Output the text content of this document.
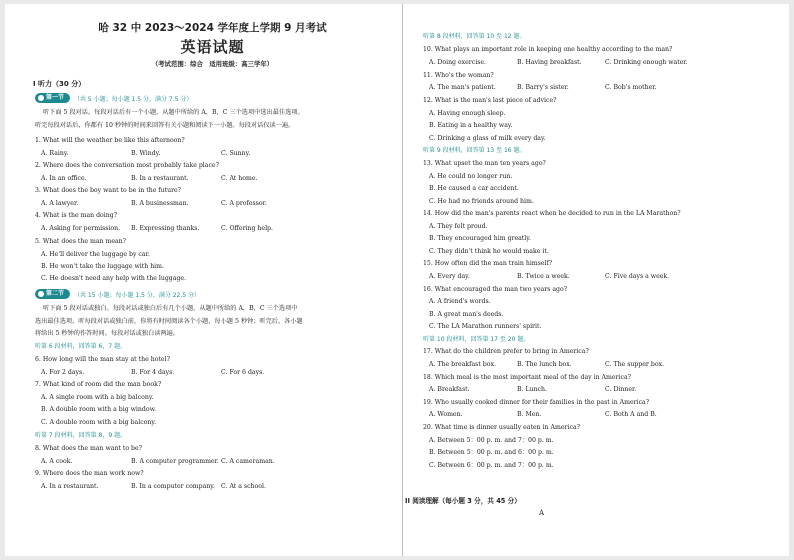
哈 32 中 2023～2024 学年度上学期 9 月考试
英语试题
（考试范围：综合　适用班级：高三学年）
I 听力（30 分）
第一节 （共 5 小题；每小题 1.5 分，满分 7.5 分）
听下面 5 段对话。每段对话后有一个小题，从题中所给的 A，B，C 三个选项中选出最佳选项。
听完每段对话后，你都有 10 秒钟的时间来回答有关小题和阅读下一小题。每段对话仅读一遍。
1. What will the weather be like this afternoon?
A. Rainy.	B. Windy.	C. Sunny.
2. Where does the conversation most probably take place?
A. In an office.	B. In a restaurant.	C. At home.
3. What does the boy want to be in the future?
A. A lawyer.	B. A businessman.	C. A professor.
4. What is the man doing?
A. Asking for permission. B. Expressing thanks.	C. Offering help.
5. What does the man mean?
A. He'll deliver the luggage by car.
B. He won't take the luggage with him.
C. He doesn't need any help with the luggage.
第二节 （共 15 小题；每小题 1.5 分，满分 22.5 分）
听下面 5 段对话或独白。每段对话或独白后有几个小题，从题中所给的 A，B，C 三个选项中
选出最佳选项。听每段对话或独白前，你将有时间阅读各个小题，每小题 5 秒钟；听完后，各小题
将给出 5 秒钟的作答时间。每段对话或独白读两遍。
听第 6 段材料，回答第 6，7 题。
6. How long will the man stay at the hotel?
A. For 2 days.	B. For 4 days.	C. For 6 days.
7. What kind of room did the man book?
A. A single room with a big balcony.
B. A double room with a big window.
C. A double room with a big balcony.
听第 7 段材料，回答第 8，9 题。
8. What does the man want to be?
A. A cook.	B. A computer programmer. C. A cameraman.
9. Where does the man work now?
A. In a restaurant.	B. In a computer company. C. At a school.
听第 8 段材料，回答第 10 至 12 题。
10. What plays an important role in keeping one healthy according to the man?
A. Doing exercise.	B. Having breakfast.	C. Drinking enough water.
11. Who's the woman?
A. The man's patient.	B. Barry's sister.	C. Bob's mother.
12. What is the man's last piece of advice?
A. Having enough sleep.
B. Eating in a healthy way.
C. Drinking a glass of milk every day.
听第 9 段材料，回答第 13 至 16 题。
13. What upset the man ten years ago?
A. He could no longer run.
B. He caused a car accident.
C. He had no friends around him.
14. How did the man's parents react when he decided to run in the LA Marathon?
A. They felt proud.
B. They encouraged him greatly.
C. They didn't think he would make it.
15. How often did the man train himself?
A. Every day.	B. Twice a week.	C. Five days a week.
16. What encouraged the man two years ago?
A. A friend's words.
B. A great man's deeds.
C. The LA Marathon runners' spirit.
听第 10 段材料，回答第 17 至 20 题。
17. What do the children prefer to bring in America?
A. The breakfast box.	B. The lunch box.	C. The supper box.
18. Which meal is the most important meal of the day in America?
A. Breakfast.	B. Lunch.	C. Dinner.
19. Who usually cooked dinner for their families in the past in America?
A. Women.	B. Men.	C. Both A and B.
20. What time is dinner usually eaten in America?
A. Between 5：00 p. m. and 7：00 p. m.
B. Between 5：00 p. m. and 6：00 p. m.
C. Between 6：00 p. m. and 7：00 p. m.
II 阅读理解（每小题 3 分，共 45 分）
A
